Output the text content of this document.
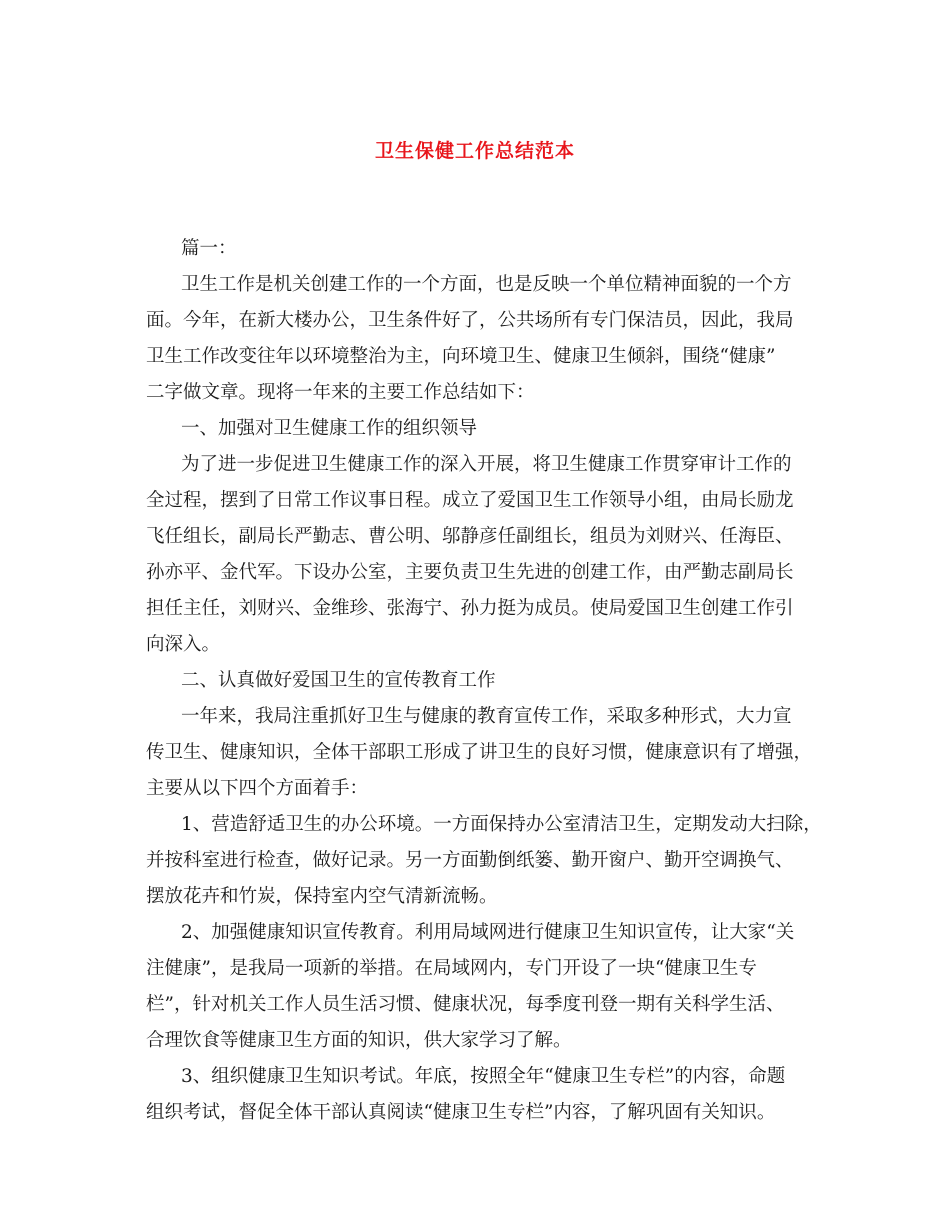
卫生保健工作总结范本
篇一：
卫生工作是机关创建工作的一个方面，也是反映一个单位精神面貌的一个方
面。今年，在新大楼办公，卫生条件好了，公共场所有专门保洁员，因此，我局
卫生工作改变往年以环境整治为主，向环境卫生、健康卫生倾斜，围绕“健康”
二字做文章。现将一年来的主要工作总结如下：
一、加强对卫生健康工作的组织领导
为了进一步促进卫生健康工作的深入开展，将卫生健康工作贯穿审计工作的
全过程，摆到了日常工作议事日程。成立了爱国卫生工作领导小组，由局长励龙
飞任组长，副局长严勤志、曹公明、邬静彦任副组长，组员为刘财兴、任海臣、
孙亦平、金代军。下设办公室，主要负责卫生先进的创建工作，由严勤志副局长
担任主任，刘财兴、金维珍、张海宁、孙力挺为成员。使局爱国卫生创建工作引
向深入。
二、认真做好爱国卫生的宣传教育工作
一年来，我局注重抓好卫生与健康的教育宣传工作，采取多种形式，大力宣
传卫生、健康知识，全体干部职工形成了讲卫生的良好习惯，健康意识有了增强，
主要从以下四个方面着手：
1、营造舒适卫生的办公环境。一方面保持办公室清洁卫生，定期发动大扫除，
并按科室进行检查，做好记录。另一方面勤倒纸篓、勤开窗户、勤开空调换气、
摆放花卉和竹炭，保持室内空气清新流畅。
2、加强健康知识宣传教育。利用局域网进行健康卫生知识宣传，让大家“关
注健康”，是我局一项新的举措。在局域网内，专门开设了一块“健康卫生专
栏”，针对机关工作人员生活习惯、健康状况，每季度刊登一期有关科学生活、
合理饮食等健康卫生方面的知识，供大家学习了解。
3、组织健康卫生知识考试。年底，按照全年“健康卫生专栏”的内容，命题
组织考试，督促全体干部认真阅读“健康卫生专栏”内容，了解巩固有关知识。
